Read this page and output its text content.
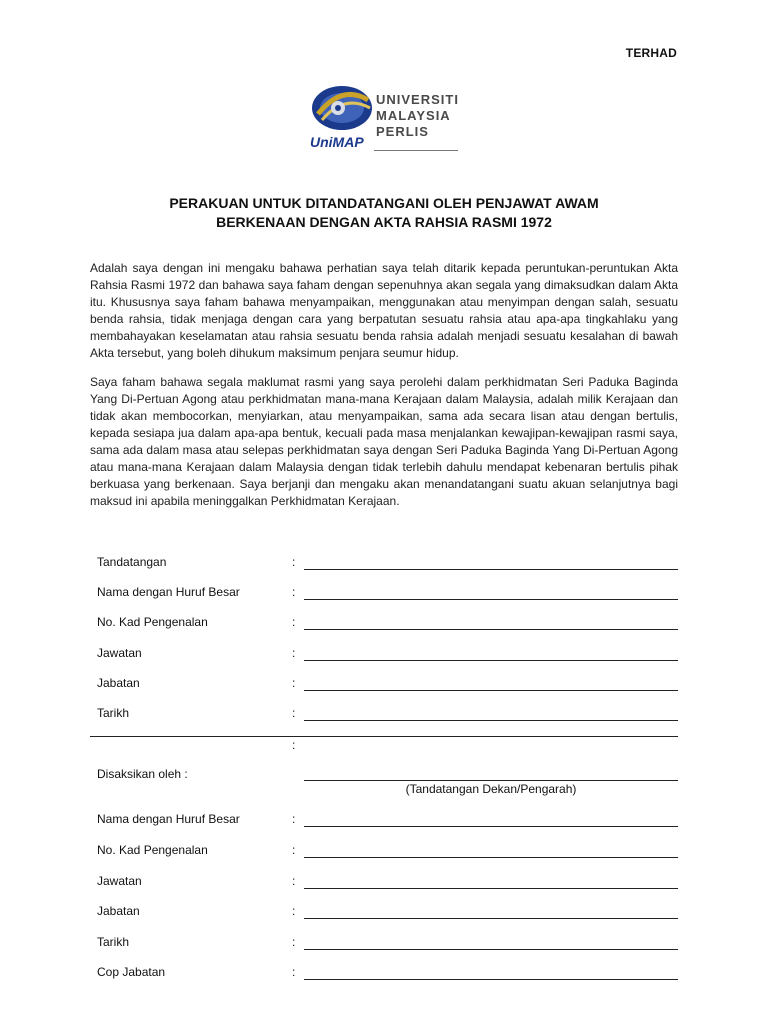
TERHAD
UNIVERSITI
MALAYSIA
PERLIS
UniMAP
PERAKUAN UNTUK DITANDATANGANI OLEH PENJAWAT AWAM
BERKENAAN DENGAN AKTA RAHSIA RASMI 1972
Adalah saya dengan ini mengaku bahawa perhatian saya telah ditarik kepada peruntukan-peruntukan Akta Rahsia Rasmi 1972 dan bahawa saya faham dengan sepenuhnya akan segala yang dimaksudkan dalam Akta itu. Khususnya saya faham bahawa menyampaikan, menggunakan atau menyimpan dengan salah, sesuatu benda rahsia, tidak menjaga dengan cara yang berpatutan sesuatu rahsia atau apa-apa tingkahlaku yang membahayakan keselamatan atau rahsia sesuatu benda rahsia adalah menjadi sesuatu kesalahan di bawah Akta tersebut, yang boleh dihukum maksimum penjara seumur hidup.
Saya faham bahawa segala maklumat rasmi yang saya perolehi dalam perkhidmatan Seri Paduka Baginda Yang Di-Pertuan Agong atau perkhidmatan mana-mana Kerajaan dalam Malaysia, adalah milik Kerajaan dan tidak akan membocorkan, menyiarkan, atau menyampaikan, sama ada secara lisan atau dengan bertulis, kepada sesiapa jua dalam apa-apa bentuk, kecuali pada masa menjalankan kewajipan-kewajipan rasmi saya, sama ada dalam masa atau selepas perkhidmatan saya dengan Seri Paduka Baginda Yang Di-Pertuan Agong atau mana-mana Kerajaan dalam Malaysia dengan tidak terlebih dahulu mendapat kebenaran bertulis pihak berkuasa yang berkenaan. Saya berjanji dan mengaku akan menandatangani suatu akuan selanjutnya bagi maksud ini apabila meninggalkan Perkhidmatan Kerajaan.
Tandatangan	:
Nama dengan Huruf Besar	:
No. Kad Pengenalan	:
Jawatan	:
Jabatan	:
Tarikh	:
:
Disaksikan oleh :
(Tandatangan Dekan/Pengarah)
Nama dengan Huruf Besar	:
No. Kad Pengenalan	:
Jawatan	:
Jabatan	:
Tarikh	:
Cop Jabatan	:
